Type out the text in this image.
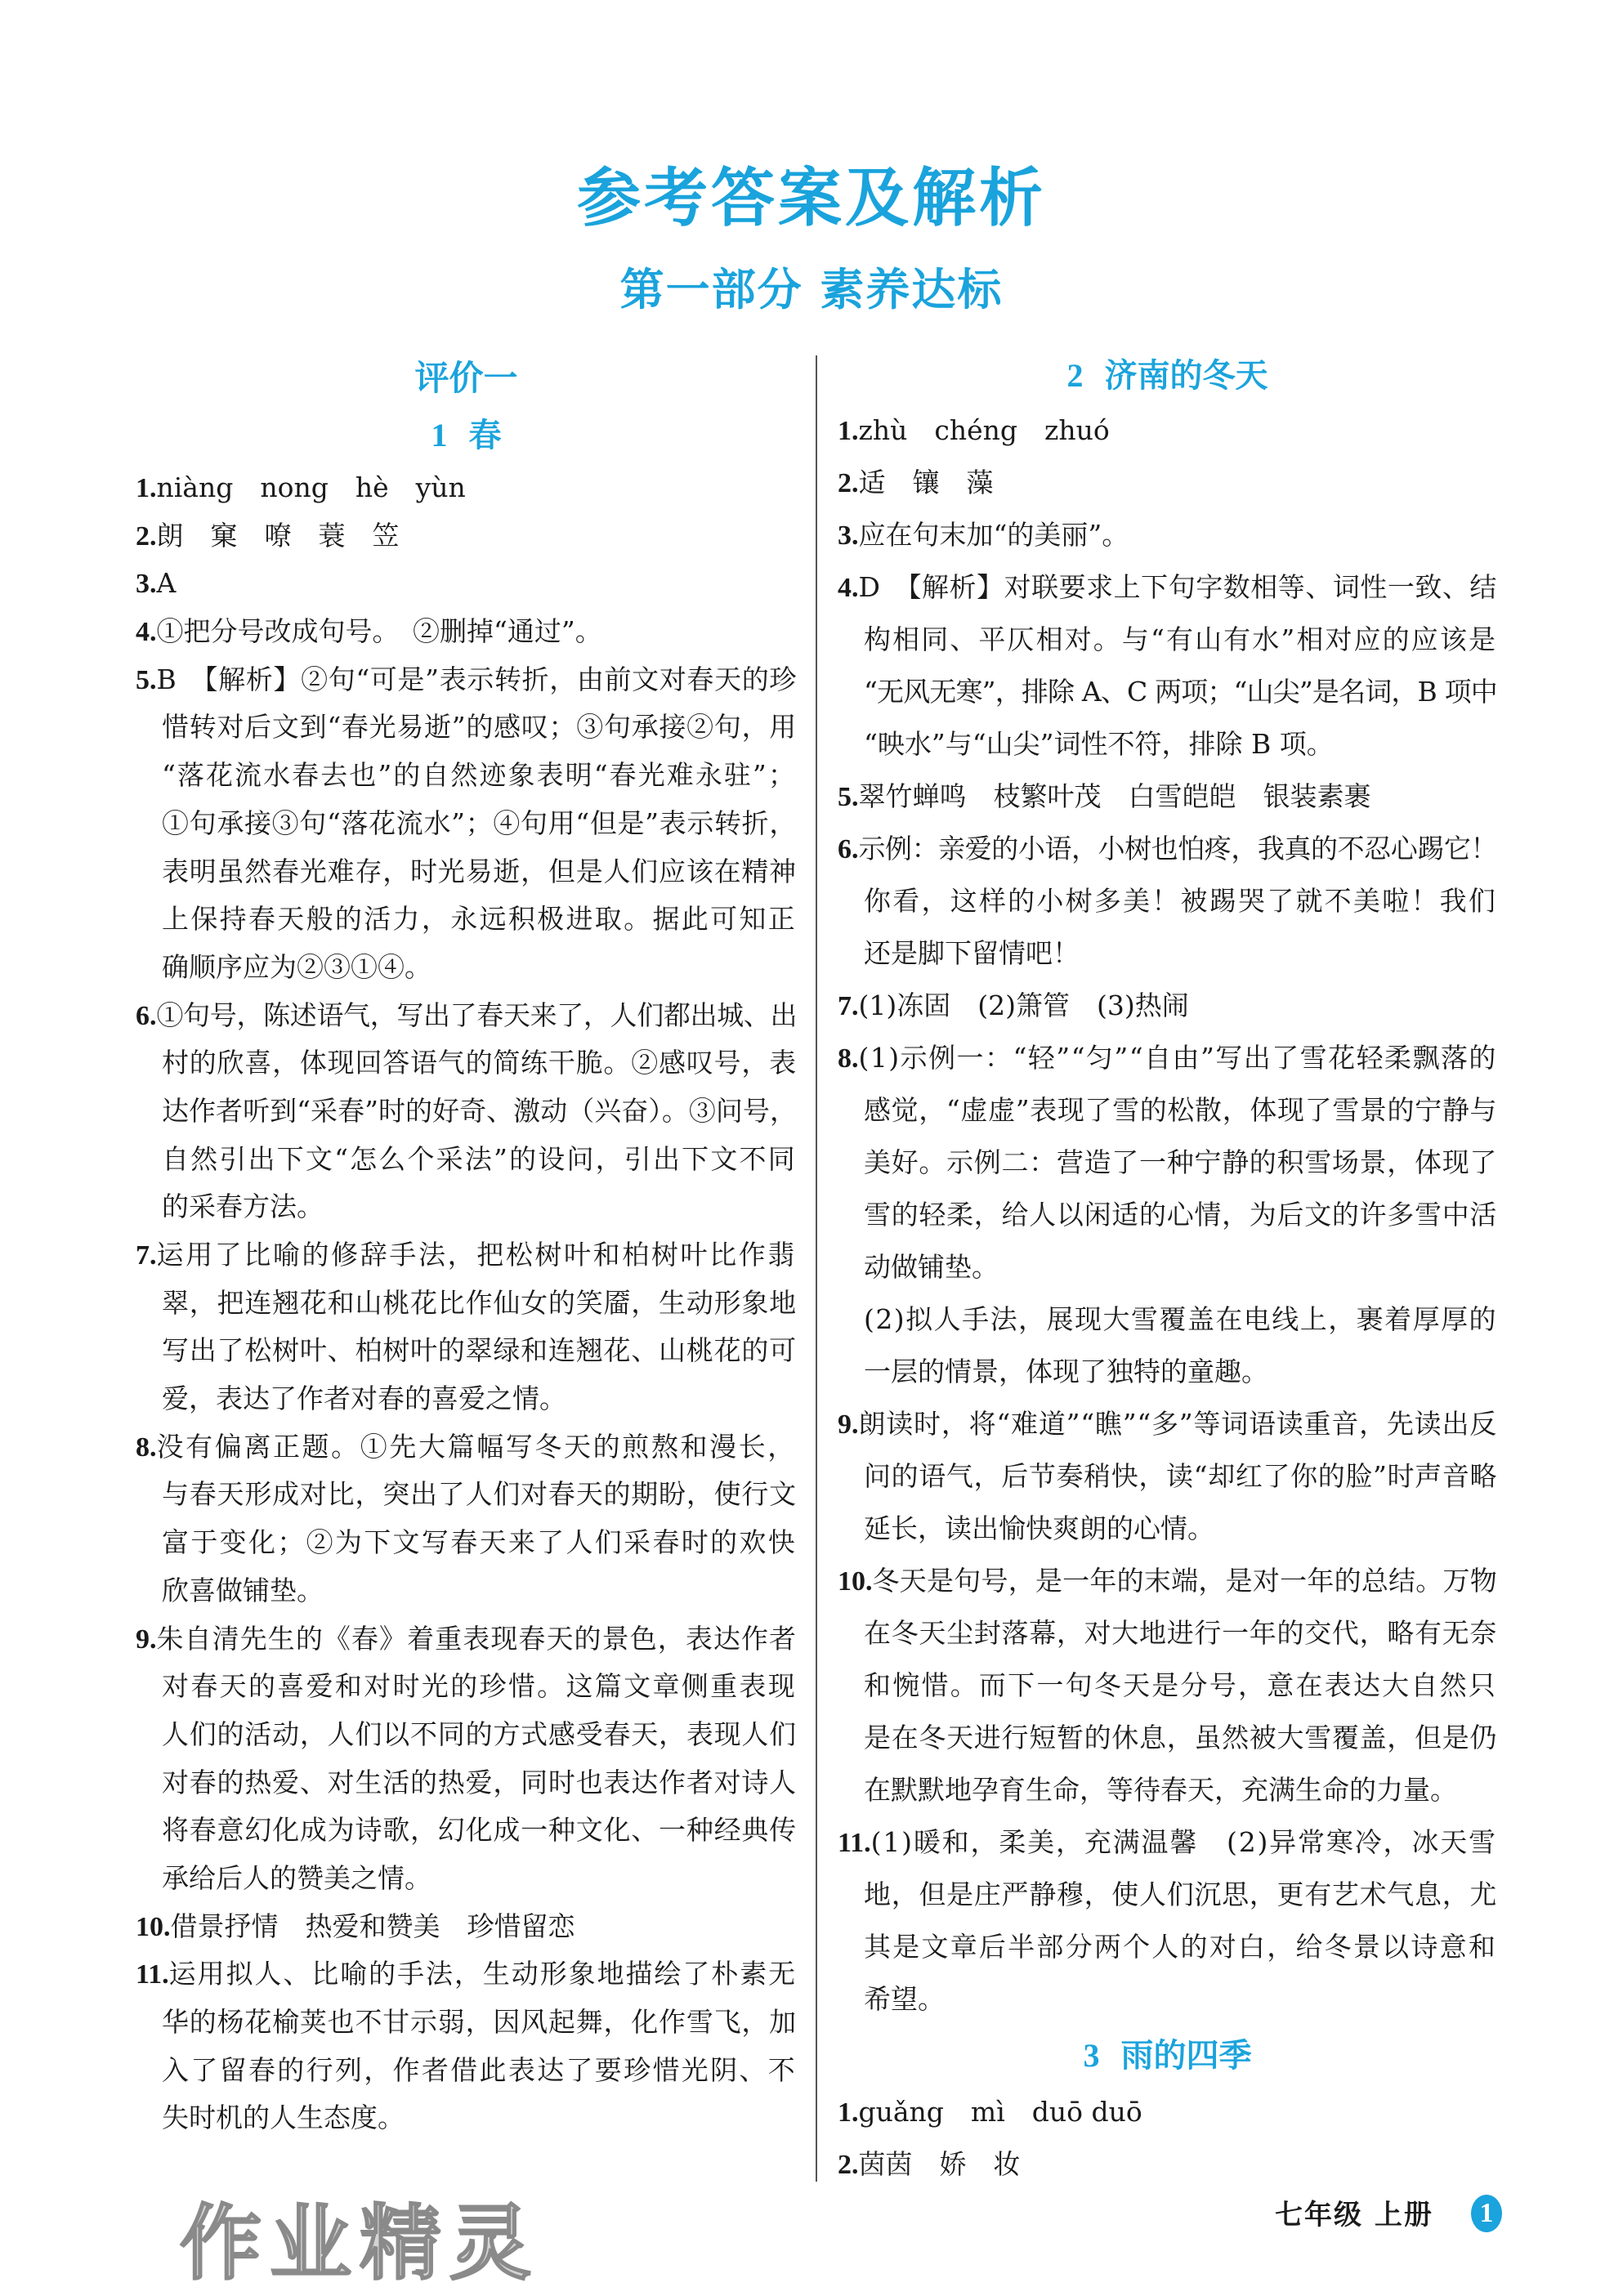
参考答案及解析
第一部分 素养达标
评价一
1 春
1.niàng　nong　hè　yùn
2.朗　窠　嘹　蓑　笠
3.A
4.①把分号改成句号。　②删掉“通过”。
5.B　【解析】②句“可是”表示转折，由前文对春天的珍
惜转对后文到“春光易逝”的感叹；③句承接②句，用
“落花流水春去也”的自然迹象表明“春光难永驻”；
①句承接③句“落花流水”；④句用“但是”表示转折，
表明虽然春光难存，时光易逝，但是人们应该在精神
上保持春天般的活力，永远积极进取。据此可知正
确顺序应为②③①④。
6.①句号，陈述语气，写出了春天来了，人们都出城、出
村的欣喜，体现回答语气的简练干脆。②感叹号，表
达作者听到“采春”时的好奇、激动（兴奋）。③问号，
自然引出下文“怎么个采法”的设问，引出下文不同
的采春方法。
7.运用了比喻的修辞手法，把松树叶和柏树叶比作翡
翠，把连翘花和山桃花比作仙女的笑靥，生动形象地
写出了松树叶、柏树叶的翠绿和连翘花、山桃花的可
爱，表达了作者对春的喜爱之情。
8.没有偏离正题。①先大篇幅写冬天的煎熬和漫长，
与春天形成对比，突出了人们对春天的期盼，使行文
富于变化；②为下文写春天来了人们采春时的欢快
欣喜做铺垫。
9.朱自清先生的《春》着重表现春天的景色，表达作者
对春天的喜爱和对时光的珍惜。这篇文章侧重表现
人们的活动，人们以不同的方式感受春天，表现人们
对春的热爱、对生活的热爱，同时也表达作者对诗人
将春意幻化成为诗歌，幻化成一种文化、一种经典传
承给后人的赞美之情。
10.借景抒情　热爱和赞美　珍惜留恋
11.运用拟人、比喻的手法，生动形象地描绘了朴素无
华的杨花榆荚也不甘示弱，因风起舞，化作雪飞，加
入了留春的行列，作者借此表达了要珍惜光阴、不
失时机的人生态度。
2 济南的冬天
1.zhù　chéng　zhuó
2.适　镶　藻
3.应在句末加“的美丽”。
4.D　【解析】对联要求上下句字数相等、词性一致、结
构相同、平仄相对。与“有山有水”相对应的应该是
“无风无寒”，排除 A、C 两项；“山尖”是名词，B 项中
“映水”与“山尖”词性不符，排除 B 项。
5.翠竹蝉鸣　枝繁叶茂　白雪皑皑　银装素裹
6.示例：亲爱的小语，小树也怕疼，我真的不忍心踢它！
你看，这样的小树多美！被踢哭了就不美啦！我们
还是脚下留情吧！
7.(1)冻固　(2)箫管　(3)热闹
8.(1)示例一：“轻”“匀”“自由”写出了雪花轻柔飘落的
感觉，“虚虚”表现了雪的松散，体现了雪景的宁静与
美好。示例二：营造了一种宁静的积雪场景，体现了
雪的轻柔，给人以闲适的心情，为后文的许多雪中活
动做铺垫。
(2)拟人手法，展现大雪覆盖在电线上，裹着厚厚的
一层的情景，体现了独特的童趣。
9.朗读时，将“难道”“瞧”“多”等词语读重音，先读出反
问的语气，后节奏稍快，读“却红了你的脸”时声音略
延长，读出愉快爽朗的心情。
10.冬天是句号，是一年的末端，是对一年的总结。万物
在冬天尘封落幕，对大地进行一年的交代，略有无奈
和惋惜。而下一句冬天是分号，意在表达大自然只
是在冬天进行短暂的休息，虽然被大雪覆盖，但是仍
在默默地孕育生命，等待春天，充满生命的力量。
11.(1)暖和，柔美，充满温馨　(2)异常寒冷，冰天雪
地，但是庄严静穆，使人们沉思，更有艺术气息，尤
其是文章后半部分两个人的对白，给冬景以诗意和
希望。
3 雨的四季
1.guǎng　mì　duō duō
2.茵茵　娇　妆
作业精灵	七年级 上册	1
